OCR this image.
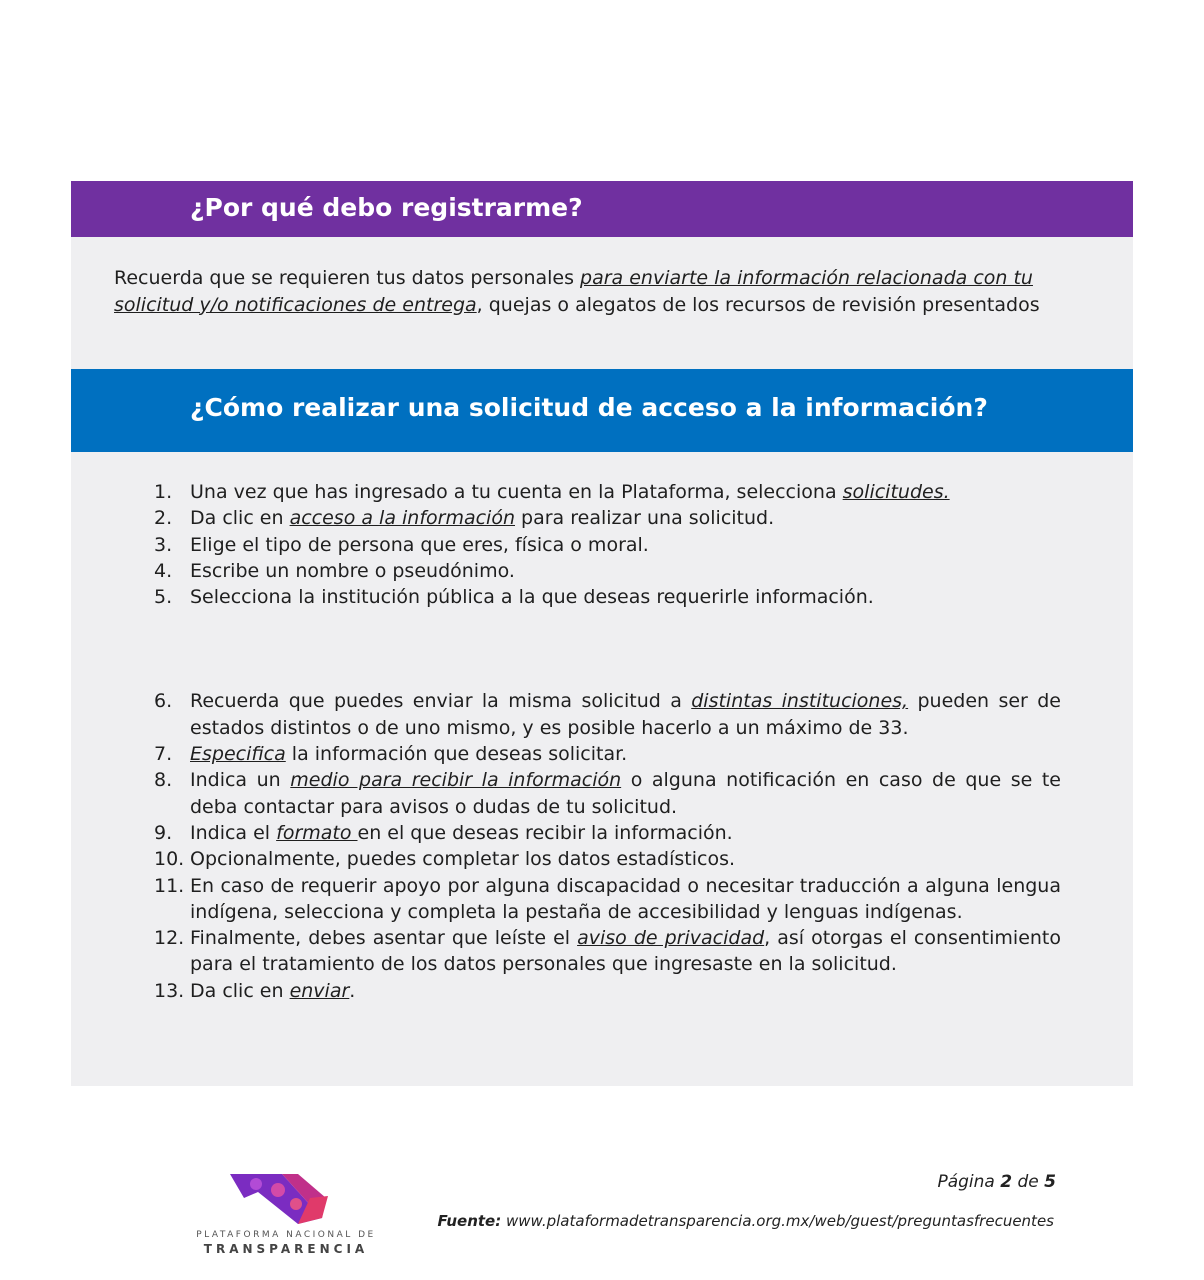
¿Por qué debo registrarme?

Recuerda que se requieren tus datos personales para enviarte la información relacionada con tu solicitud y/o notificaciones de entrega, quejas o alegatos de los recursos de revisión presentados

¿Cómo realizar una solicitud de acceso a la información?
1. Una vez que has ingresado a tu cuenta en la Plataforma, selecciona solicitudes.
2. Da clic en acceso a la información para realizar una solicitud.
3. Elige el tipo de persona que eres, física o moral.
4. Escribe un nombre o pseudónimo.
5. Selecciona la institución pública a la que deseas requerirle información.
6. Recuerda que puedes enviar la misma solicitud a distintas instituciones, pueden ser de estados distintos o de uno mismo, y es posible hacerlo a un máximo de 33.
7. Especifica la información que deseas solicitar.
8. Indica un medio para recibir la información o alguna notificación en caso de que se te deba contactar para avisos o dudas de tu solicitud.
9. Indica el formato en el que deseas recibir la información.
10. Opcionalmente, puedes completar los datos estadísticos.
11. En caso de requerir apoyo por alguna discapacidad o necesitar traducción a alguna lengua indígena, selecciona y completa la pestaña de accesibilidad y lenguas indígenas.
12. Finalmente, debes asentar que leíste el aviso de privacidad, así otorgas el consentimiento para el tratamiento de los datos personales que ingresaste en la solicitud.
13. Da clic en enviar.
PLATAFORMA NACIONAL DE
TRANSPARENCIA
Página 2 de 5
Fuente: www.plataformadetransparencia.org.mx/web/guest/preguntasfrecuentes
